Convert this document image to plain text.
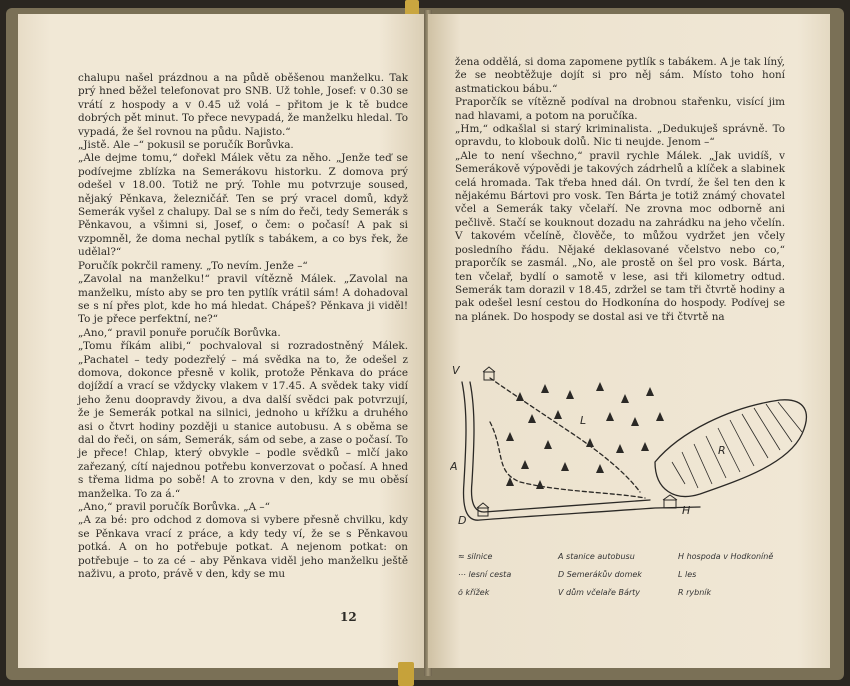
chalupu našel prázdnou a na půdě oběšenou manželku. Tak prý hned běžel telefonovat pro SNB. Už tohle, Josef: v 0.30 se vrátí z hospody a v 0.45 už volá – přitom je k tě budce dobrých pět minut. To přece nevypadá, že manželku hledal. To vypadá, že šel rovnou na půdu. Najisto.“

„Jistě. Ale –“ pokusil se poručík Borůvka.

„Ale dejme tomu,“ dořekl Málek větu za něho. „Jenže teď se podívejme zblízka na Semerákovu historku. Z domova prý odešel v 18.00. Totiž ne prý. Tohle mu potvrzuje soused, nějaký Pěnkava, železničář. Ten se prý vracel domů, když Semerák vyšel z chalupy. Dal se s ním do řeči, tedy Semerák s Pěnkavou, a všimni si, Josef, o čem: o počasí! A pak si vzpomněl, že doma nechal pytlík s tabákem, a co bys řek, že udělal?“

Poručík pokrčil rameny. „To nevím. Jenže –“

„Zavolal na manželku!“ pravil vítězně Málek. „Zavolal na manželku, místo aby se pro ten pytlík vrátil sám! A dohadoval se s ní přes plot, kde ho má hledat. Chápeš? Pěnkava ji viděl! To je přece perfektní, ne?“

„Ano,“ pravil ponuře poručík Borůvka.

„Tomu říkám alibi,“ pochvaloval si rozradostněný Málek. „Pachatel – tedy podezřelý – má svědka na to, že odešel z domova, dokonce přesně v kolik, protože Pěnkava do práce dojíždí a vrací se vždycky vlakem v 17.45. A svědek taky vidí jeho ženu doopravdy živou, a dva další svědci pak potvrzují, že je Semerák potkal na silnici, jednoho u křížku a druhého asi o čtvrt hodiny později u stanice autobusu. A s oběma se dal do řeči, on sám, Semerák, sám od sebe, a zase o počasí. To je přece! Chlap, který obvykle – podle svědků – mlčí jako zařezaný, cítí najednou potřebu konverzovat o počasí. A hned s třema lidma po sobě! A to zrovna v den, kdy se mu oběsí manželka. To za á.“

„Ano,“ pravil poručík Borůvka. „A –“

„A za bé: pro odchod z domova si vybere přesně chvilku, kdy se Pěnkava vrací z práce, a kdy tedy ví, že se s Pěnkavou potká. A on ho potřebuje potkat. A nejenom potkat: on potřebuje – to za cé – aby Pěnkava viděl jeho manželku ještě naživu, a proto, právě v den, kdy se mu

12

žena oddělá, si doma zapomene pytlík s tabákem. A je tak líný, že se neobtěžuje dojít si pro něj sám. Místo toho honí astmatickou bábu.“

Praporčík se vítězně podíval na drobnou stařenku, visící jim nad hlavami, a potom na poručíka.

„Hm,“ odkašlal si starý kriminalista. „Dedukuješ správně. To opravdu, to klobouk dolů. Nic ti neujde. Jenom –“

„Ale to není všechno,“ pravil rychle Málek. „Jak uvidíš, v Semerákově výpovědi je takových zádrhelů a klíček a slabinek celá hromada. Tak třeba hned dál. On tvrdí, že šel ten den k nějakému Bártovi pro vosk. Ten Bárta je totiž známý chovatel včel a Semerák taky včelaří. Ne zrovna moc odborně ani pečlivě. Stačí se kouknout dozadu na zahrádku na jeho včelín. V takovém včelíně, člověče, to můžou vydržet jen včely posledního řádu. Nějaké deklasované včelstvo nebo co,“ praporčík se zasmál. „No, ale prostě on šel pro vosk. Bárta, ten včelař, bydlí o samotě v lese, asi tři kilometry odtud. Semerák tam dorazil v 18.45, zdržel se tam tři čtvrtě hodiny a pak odešel lesní cestou do Hodkonína do hospody. Podívej se na plánek. Do hospody se dostal asi ve tři čtvrtě na

V
A
D
H
L
R
≈ silnice
⋯ lesní cesta
ŏ křížek
A stanice autobusu
D Semerákův domek
V dům včelaře Bárty
H hospoda v Hodkoníně
L les
R rybník
